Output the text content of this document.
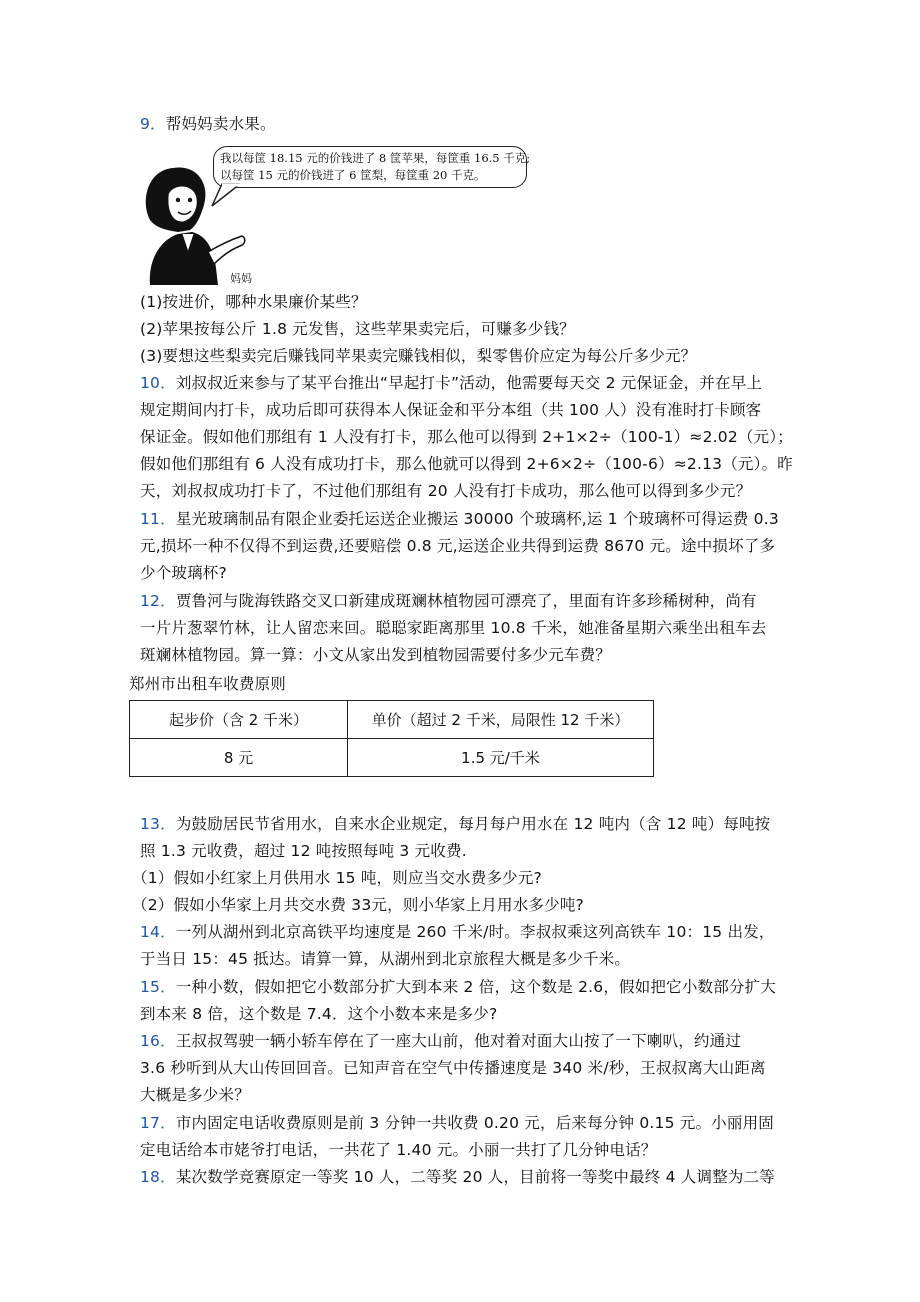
9．帮妈妈卖水果。
我以每筐 18.15 元的价钱进了 8 筐苹果，每筐重 16.5 千克;
以每筐 15 元的价钱进了 6 筐梨，每筐重 20 千克。
妈妈
(1)按进价，哪种水果廉价某些？
(2)苹果按每公斤 1.8 元发售，这些苹果卖完后，可赚多少钱？
(3)要想这些梨卖完后赚钱同苹果卖完赚钱相似，梨零售价应定为每公斤多少元？
10．刘叔叔近来参与了某平台推出“早起打卡”活动，他需要每天交 2 元保证金，并在早上
规定期间内打卡，成功后即可获得本人保证金和平分本组（共 100 人）没有准时打卡顾客
保证金。假如他们那组有 1 人没有打卡，那么他可以得到 2+1×2÷（100-1）≈2.02（元）；
假如他们那组有 6 人没有成功打卡，那么他就可以得到 2+6×2÷（100-6）≈2.13（元）。昨
天，刘叔叔成功打卡了，不过他们那组有 20 人没有打卡成功，那么他可以得到多少元？
11．星光玻璃制品有限企业委托运送企业搬运 30000 个玻璃杯,运 1 个玻璃杯可得运费 0.3
元,损坏一种不仅得不到运费,还要赔偿 0.8 元,运送企业共得到运费 8670 元。途中损坏了多
少个玻璃杯?
12．贾鲁河与陇海铁路交叉口新建成斑斓林植物园可漂亮了，里面有许多珍稀树种，尚有
一片片葱翠竹林，让人留恋来回。聪聪家距离那里 10.8 千米，她准备星期六乘坐出租车去
斑斓林植物园。算一算：小文从家出发到植物园需要付多少元车费？
郑州市出租车收费原则
起步价（含 2 千米）	单价（超过 2 千米，局限性 12 千米）
8 元	1.5 元/千米
13．为鼓励居民节省用水，自来水企业规定，每月每户用水在 12 吨内（含 12 吨）每吨按
照 1.3 元收费，超过 12 吨按照每吨 3 元收费.
（1）假如小红家上月供用水 15 吨，则应当交水费多少元?
（2）假如小华家上月共交水费 33元，则小华家上月用水多少吨?
14．一列从湖州到北京高铁平均速度是 260 千米/时。李叔叔乘这列高铁车 10：15 出发，
于当日 15：45 抵达。请算一算，从湖州到北京旅程大概是多少千米。
15．一种小数，假如把它小数部分扩大到本来 2 倍，这个数是 2.6，假如把它小数部分扩大
到本来 8 倍，这个数是 7.4．这个小数本来是多少?
16．王叔叔驾驶一辆小轿车停在了一座大山前，他对着对面大山按了一下喇叭，约通过
3.6 秒听到从大山传回回音。已知声音在空气中传播速度是 340 米/秒，王叔叔离大山距离
大概是多少米？
17．市内固定电话收费原则是前 3 分钟一共收费 0.20 元，后来每分钟 0.15 元。小丽用固
定电话给本市姥爷打电话，一共花了 1.40 元。小丽一共打了几分钟电话？
18．某次数学竞赛原定一等奖 10 人，二等奖 20 人，目前将一等奖中最终 4 人调整为二等
